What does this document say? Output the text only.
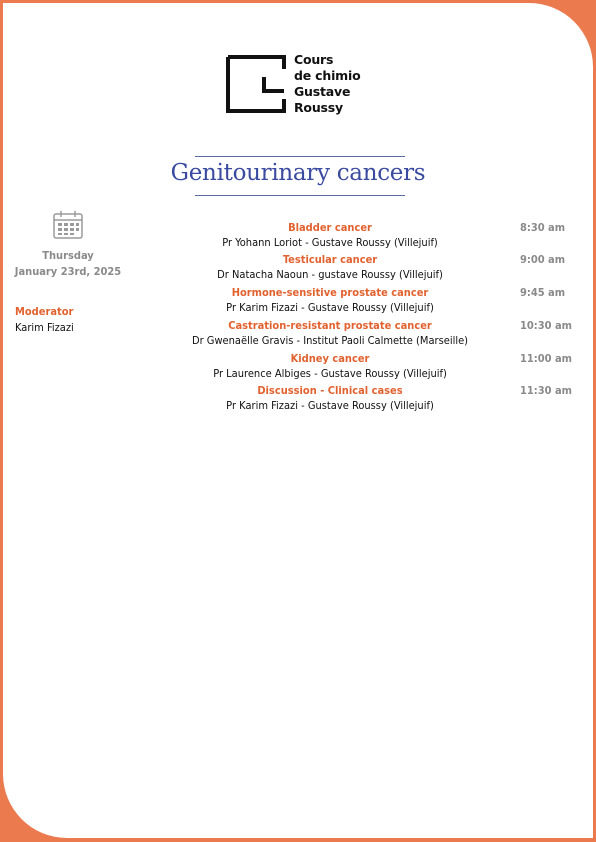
Cours
de chimio
Gustave
Roussy
Genitourinary cancers
Thursday
January 23rd, 2025
Moderator
Karim Fizazi
Bladder cancer
Pr Yohann Loriot - Gustave Roussy (Villejuif)
8:30 am
Testicular cancer
Dr Natacha Naoun - gustave Roussy (Villejuif)
9:00 am
Hormone-sensitive prostate cancer
Pr Karim Fizazi - Gustave Roussy (Villejuif)
9:45 am
Castration-resistant prostate cancer
Dr Gwenaëlle Gravis - Institut Paoli Calmette (Marseille)
10:30 am
Kidney cancer
Pr Laurence Albiges - Gustave Roussy (Villejuif)
11:00 am
Discussion - Clinical cases
Pr Karim Fizazi - Gustave Roussy (Villejuif)
11:30 am
7
